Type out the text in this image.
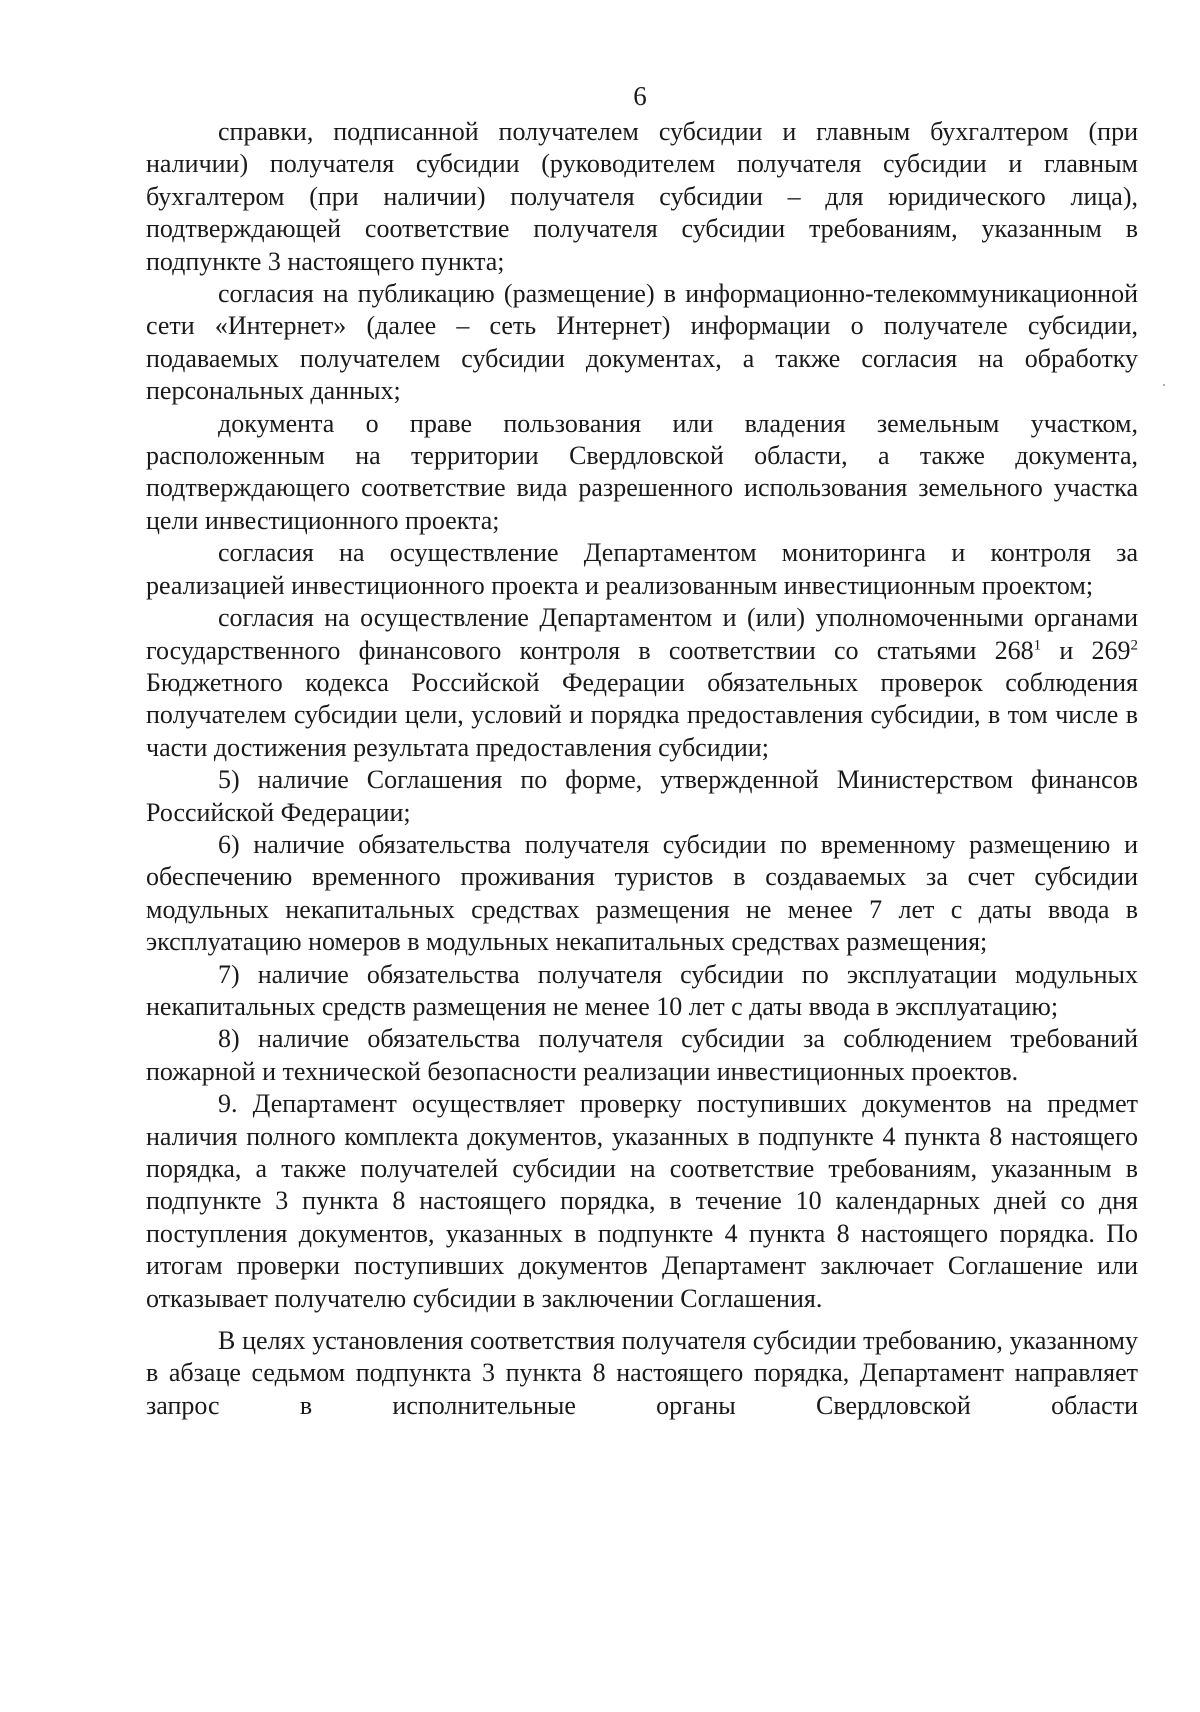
6

справки, подписанной получателем субсидии и главным бухгалтером (при наличии) получателя субсидии (руководителем получателя субсидии и главным бухгалтером (при наличии) получателя субсидии – для юридического лица), подтверждающей соответствие получателя субсидии требованиям, указанным в подпункте 3 настоящего пункта;

согласия на публикацию (размещение) в информационно-телекоммуникационной сети «Интернет» (далее – сеть Интернет) информации о получателе субсидии, подаваемых получателем субсидии документах, а также согласия на обработку персональных данных;

документа о праве пользования или владения земельным участком, расположенным на территории Свердловской области, а также документа, подтверждающего соответствие вида разрешенного использования земельного участка цели инвестиционного проекта;

согласия на осуществление Департаментом мониторинга и контроля за реализацией инвестиционного проекта и реализованным инвестиционным проектом;

согласия на осуществление Департаментом и (или) уполномоченными органами государственного финансового контроля в соответствии со статьями $268^1$ и $269^2$ Бюджетного кодекса Российской Федерации обязательных проверок соблюдения получателем субсидии цели, условий и порядка предоставления субсидии, в том числе в части достижения результата предоставления субсидии;

5) наличие Соглашения по форме, утвержденной Министерством финансов Российской Федерации;

6) наличие обязательства получателя субсидии по временному размещению и обеспечению временного проживания туристов в создаваемых за счет субсидии модульных некапитальных средствах размещения не менее 7 лет с даты ввода в эксплуатацию номеров в модульных некапитальных средствах размещения;

7) наличие обязательства получателя субсидии по эксплуатации модульных некапитальных средств размещения не менее 10 лет с даты ввода в эксплуатацию;

8) наличие обязательства получателя субсидии за соблюдением требований пожарной и технической безопасности реализации инвестиционных проектов.

9. Департамент осуществляет проверку поступивших документов на предмет наличия полного комплекта документов, указанных в подпункте 4 пункта 8 настоящего порядка, а также получателей субсидии на соответствие требованиям, указанным в подпункте 3 пункта 8 настоящего порядка, в течение 10 календарных дней со дня поступления документов, указанных в подпункте 4 пункта 8 настоящего порядка. По итогам проверки поступивших документов Департамент заключает Соглашение или отказывает получателю субсидии в заключении Соглашения.

В целях установления соответствия получателя субсидии требованию, указанному в абзаце седьмом подпункта 3 пункта 8 настоящего порядка, Департамент направляет запрос в исполнительные органы Свердловской области
